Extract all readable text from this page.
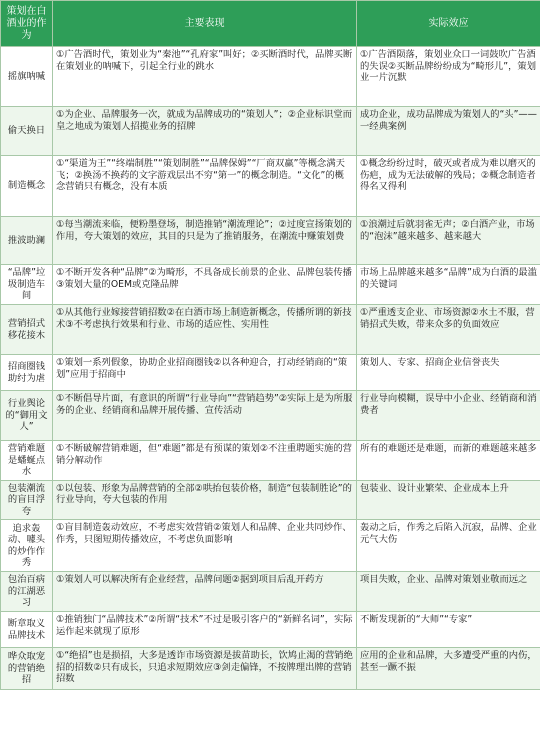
策划在白酒业的作为	主要表现	实际效应
摇旗呐喊	①广告酒时代，策划业为“秦池”“孔府家”叫好；②买断酒时代，品牌买断在策划业的呐喊下，引起全行业的跳水	①广告酒陨落，策划业众口一词鼓吹广告酒的失误②买断品牌纷纷成为“畸形儿”，策划业一片沉默
偷天换日	①为企业、品牌服务一次，就成为品牌成功的“策划人”；②企业标识堂而皇之地成为策划人招揽业务的招牌	成功企业，成功品牌成为策划人的“头”——一经典案例
制造概念	①“渠道为王”“终端制胜”“策划制胜”“品牌保姆”“厂商双赢”等概念满天飞；②换汤不换药的文字游戏层出不穷“第一”的概念制造。“文化”的概念营销只有概念，没有本质	①概念纷纷过时，破灭或者成为难以磨灭的伤疤，成为无法破解的残局；②概念制造者得名又得利
推波助澜	①每当潮流来临，便粉墨登场，制造推销“潮流理论”；②过度宣扬策划的作用，夸大策划的效应，其目的只是为了推销服务，在潮流中赚策划费	①浪潮过后就羽雀无声；②白酒产业，市场的“泡沫”越来越多、越来越大
“品牌”垃圾制造车间	①不断开发各种“品牌”②为畸形，不具备成长前景的企业、品牌包装传播③策划大量的OEM或克隆品牌	市场上品牌越来越多“品牌”成为白酒的最滥的关键词
营销招式移花接木	①从其他行业嫁接营销招数②在白酒市场上制造新概念，传播所谓的新技术③不考虑执行效果和行业、市场的适应性、实用性	①严重透支企业、市场资源②水土不服，营销招式失败，带来众多的负面效应
招商圈钱助纣为虐	①策划一系列假象，协助企业招商圈钱②以各种迎合，打动经销商的“策划”应用于招商中	策划人、专家、招商企业信誉丧失
行业舆论的“御用文人”	①不断倡导片面，有意识的所谓“行业导向”“营销趋势”②实际上是为所服务的企业、经销商和品牌开展传播、宣传活动	行业导向模糊，误导中小企业、经销商和消费者
营销难题是蟠蜒点水	①不断破解营销难题，但“难题”都是有预谋的策划②不注重聘题实施的营销分解动作	所有的难题还是难题，而新的难题越来越多
包装潮流的盲目浮夸	①以包装、形象为品牌营销的全部②哄抬包装价格，制造“包装制胜论”的行业导向，夸大包装的作用	包装业、设计业繁荣、企业成本上升
追求轰动、噱头的炒作作秀	①盲目制造轰动效应，不考虑实效营销②策划人和品牌、企业共同炒作、作秀，只图短期传播效应，不考虑负面影响	轰动之后，作秀之后陷入沉寂，品牌、企业元气大伤
包治百病的江湖恶习	①策划人可以解决所有企业经营，品牌问题②据到项目后乱开药方	项目失败，企业、品牌对策划业敬而远之
断章取义品牌技术	①推销独门“品牌技术”②所谓“技术”不过是吸引客户的“新鲜名词”，实际运作起来就现了原形	不断发现新的“大师”“专家”
哗众取宠的营销绝招	①“绝招”也是损招，大多是透诈市场资源是拔苗助长，饮鸠止渴的营销绝招的招数②只有成长，只追求短期效应③剑走偏锋，不按牌理出牌的营销招数	应用的企业和品牌，大多遭受严重的内伤，甚至一蹶不振
